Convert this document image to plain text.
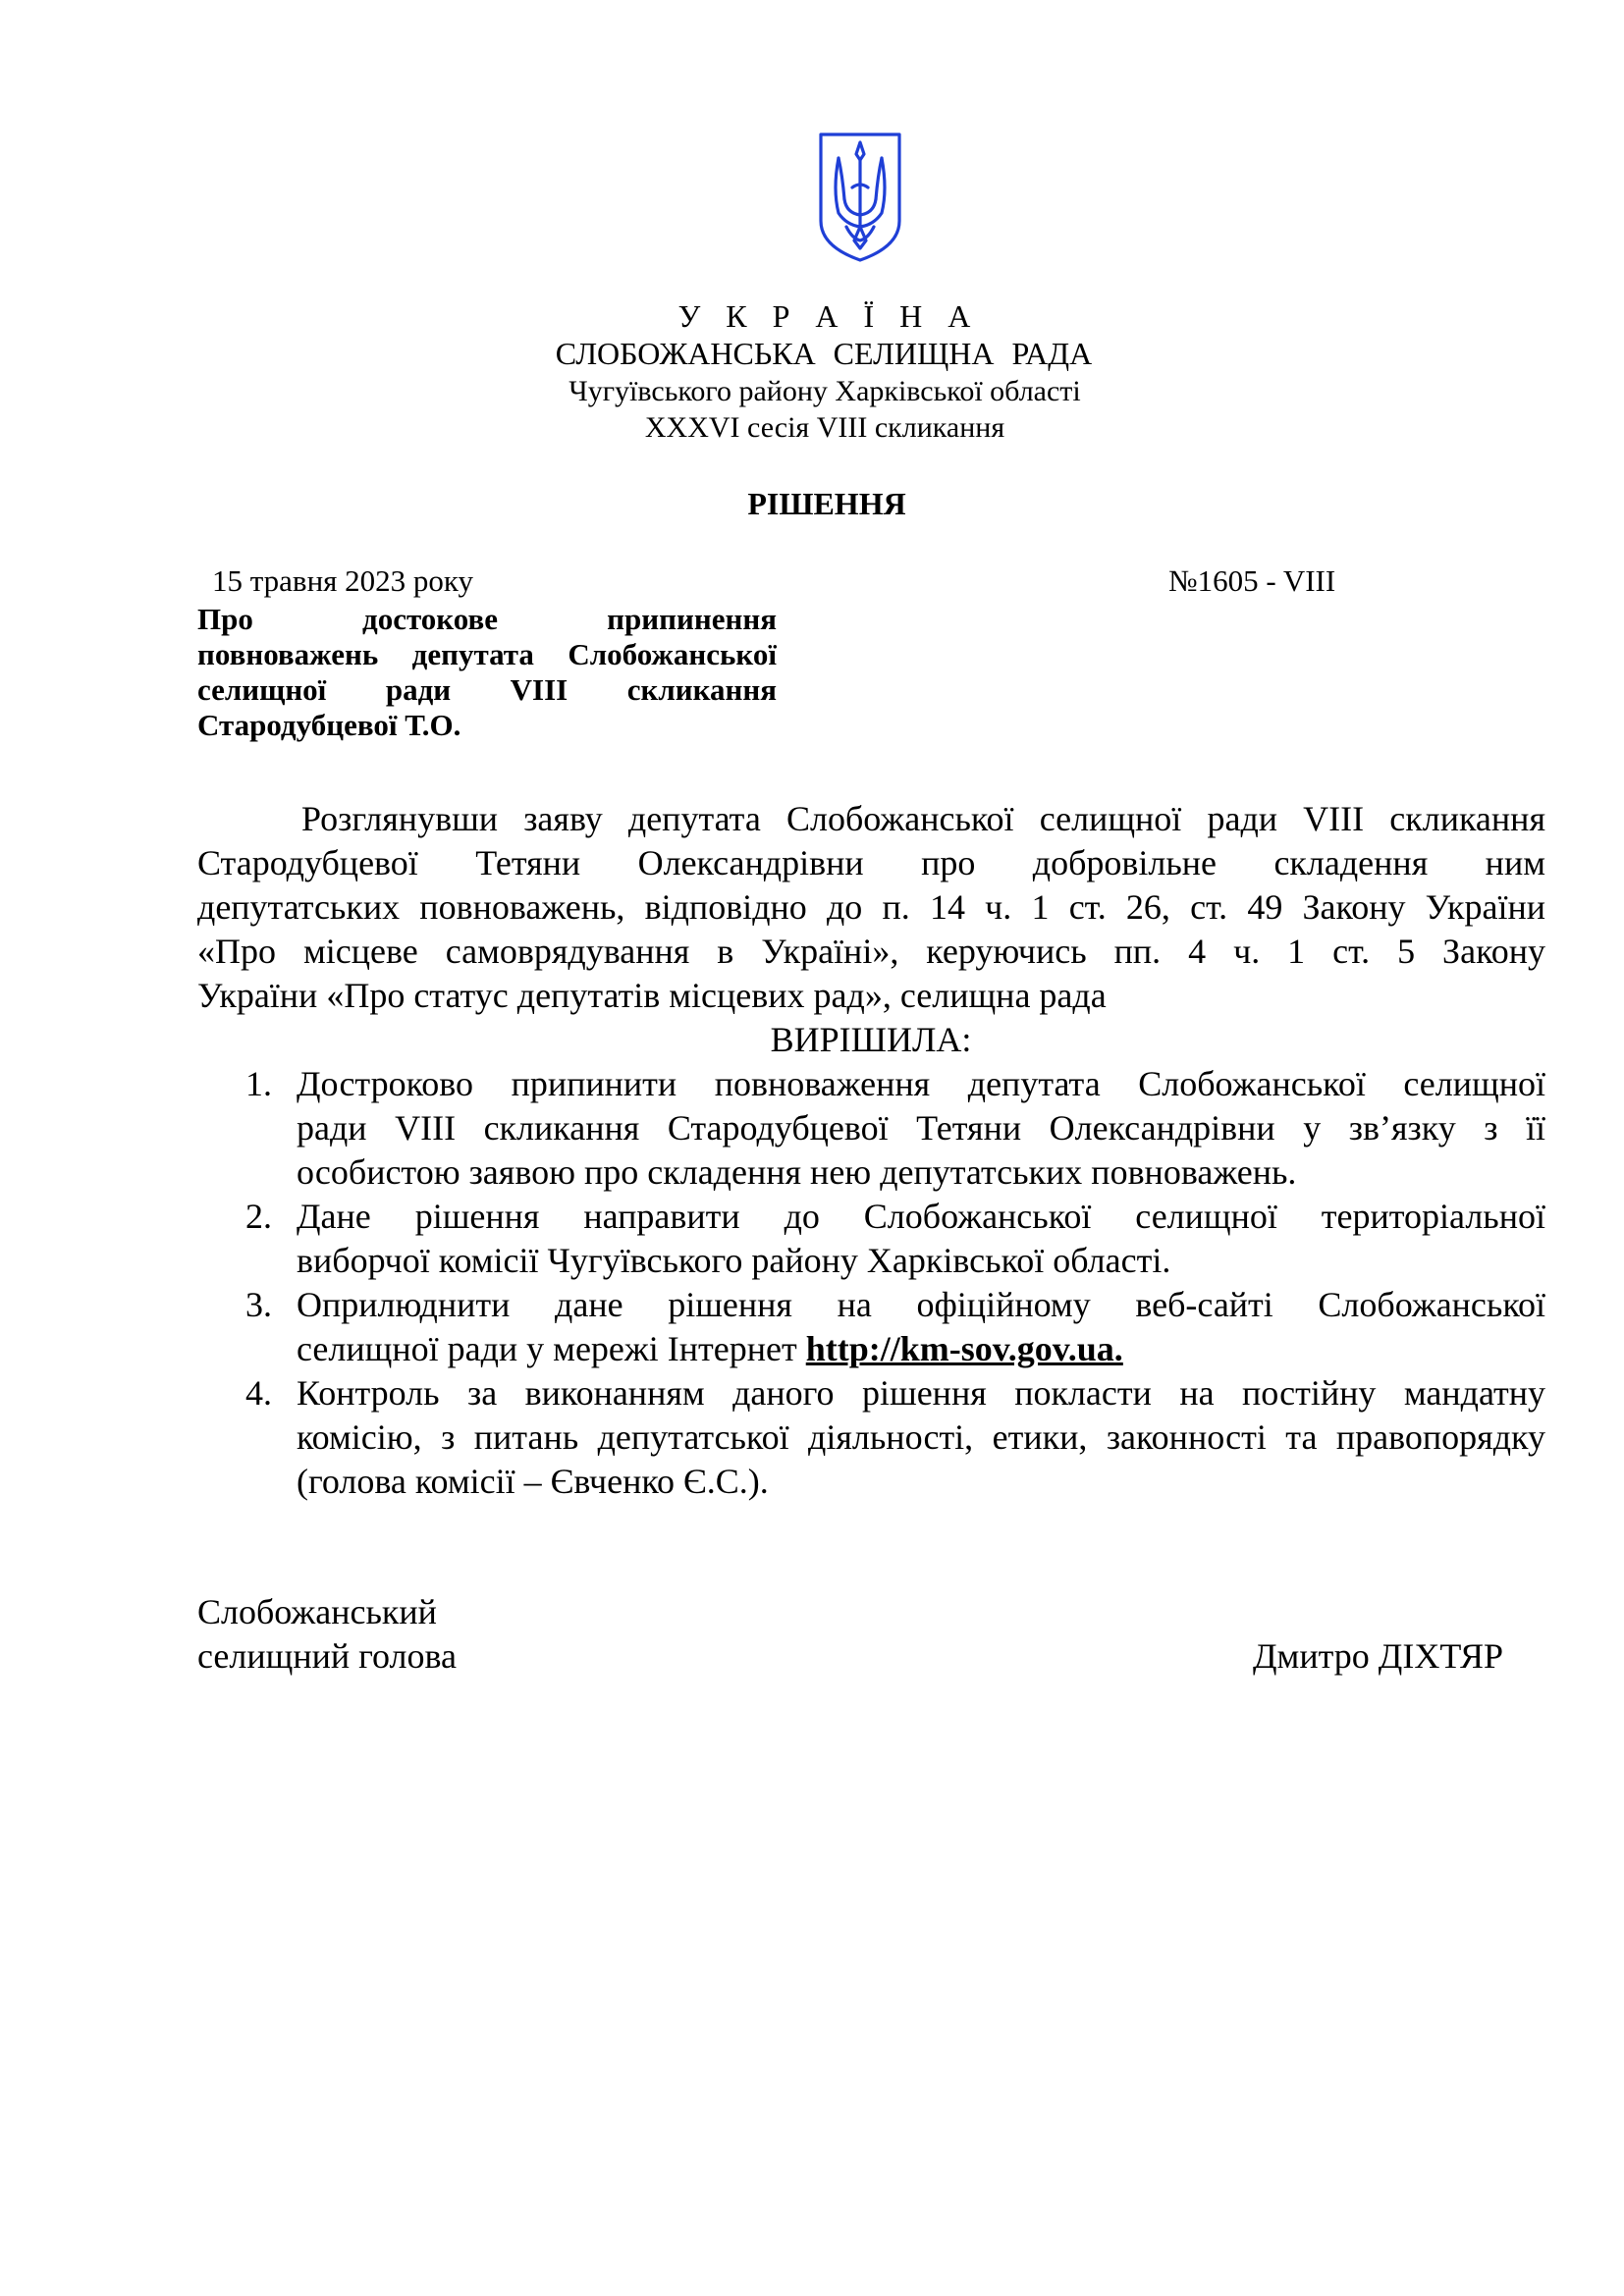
У К Р А Ї Н А
СЛОБОЖАНСЬКА СЕЛИЩНА РАДА
Чугуївського району Харківської області
XXXVI сесія VIII скликання
РІШЕННЯ
15 травня 2023 року	№1605 - VIII
Про достокове припинення
повноважень депутата Слобожанської
селищної ради VIII скликання
Стародубцевої Т.О.
Розглянувши заяву депутата Слобожанської селищної ради VIII скликання
Стародубцевої Тетяни Олександрівни про добровільне складення ним
депутатських повноважень, відповідно до п. 14 ч. 1 ст. 26, ст. 49 Закону України
«Про місцеве самоврядування в Україні», керуючись пп. 4 ч. 1 ст. 5 Закону
України «Про статус депутатів місцевих рад», селищна рада
ВИРІШИЛА:
1. Достроково припинити повноваження депутата Слобожанської селищної
ради VIII скликання Стародубцевої Тетяни Олександрівни у зв’язку з її
особистою заявою про складення нею депутатських повноважень.
2. Дане рішення направити до Слобожанської селищної територіальної
виборчої комісії Чугуївського району Харківської області.
3. Оприлюднити дане рішення на офіційному веб-сайті Слобожанської
селищної ради у мережі Інтернет http://km-sov.gov.ua.
4. Контроль за виконанням даного рішення покласти на постійну мандатну
комісію, з питань депутатської діяльності, етики, законності та правопорядку
(голова комісії – Євченко Є.С.).
Слобожанський
селищний голова	Дмитро ДІХТЯР
